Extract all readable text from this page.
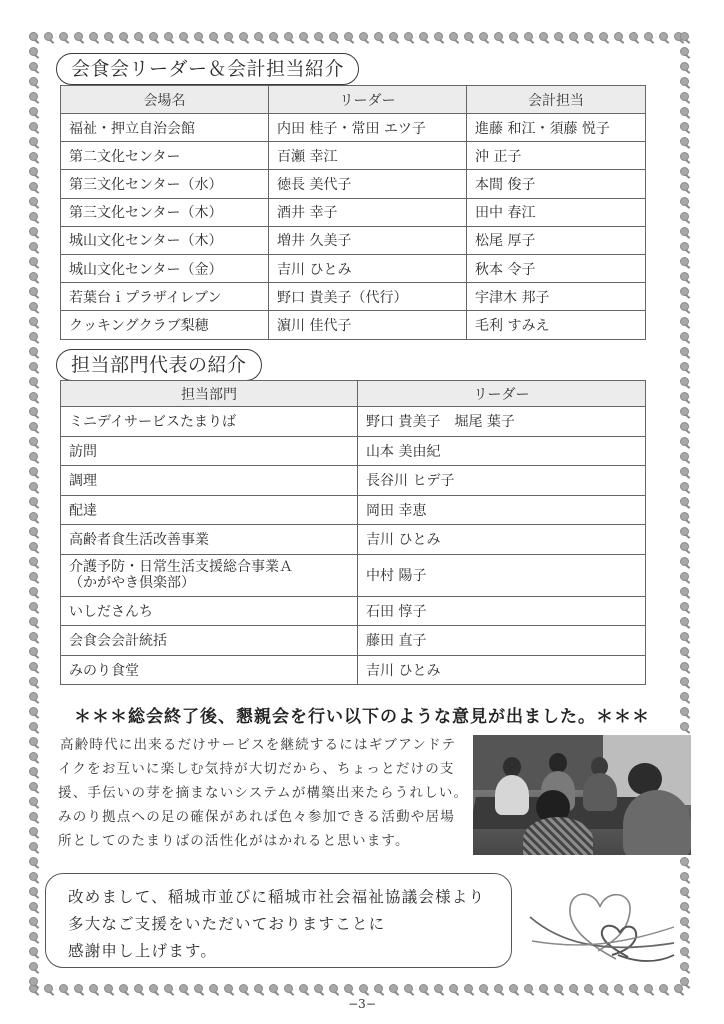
会食会リーダー＆会計担当紹介
会場名	リーダー	会計担当
福祉・押立自治会館	内田 桂子・常田 エツ子	進藤 和江・須藤 悦子
第二文化センター	百瀬 幸江	沖 正子
第三文化センター（水）	徳長 美代子	本間 俊子
第三文化センター（木）	酒井 幸子	田中 春江
城山文化センター（木）	増井 久美子	松尾 厚子
城山文化センター（金）	吉川 ひとみ	秋本 令子
若葉台ｉプラザイレブン	野口 貴美子（代行）	宇津木 邦子
クッキングクラブ梨穂	濵川 佳代子	毛利 すみえ
担当部門代表の紹介
担当部門	リーダー
ミニデイサービスたまりば	野口 貴美子　堀尾 葉子
訪問	山本 美由紀
調理	長谷川 ヒデ子
配達	岡田 幸恵
高齢者食生活改善事業	吉川 ひとみ

介護予防・日常生活支援総合事業Ａ
（かがやき倶楽部）	中村 陽子
いしださんち	石田 惇子
会食会会計統括	藤田 直子
みのり食堂	吉川 ひとみ
＊＊＊総会終了後、懇親会を行い以下のような意見が出ました。＊＊＊
高齢時代に出来るだけサービスを継続するにはギブアンドテ
イクをお互いに楽しむ気持が大切だから、ちょっとだけの支
援、手伝いの芽を摘まないシステムが構築出来たらうれしい。
みのり拠点への足の確保があれば色々参加できる活動や居場
所としてのたまりばの活性化がはかれると思います。
改めまして、稲城市並びに稲城市社会福祉協議会様より
多大なご支援をいただいておりますことに
感謝申し上げます。
−3−
